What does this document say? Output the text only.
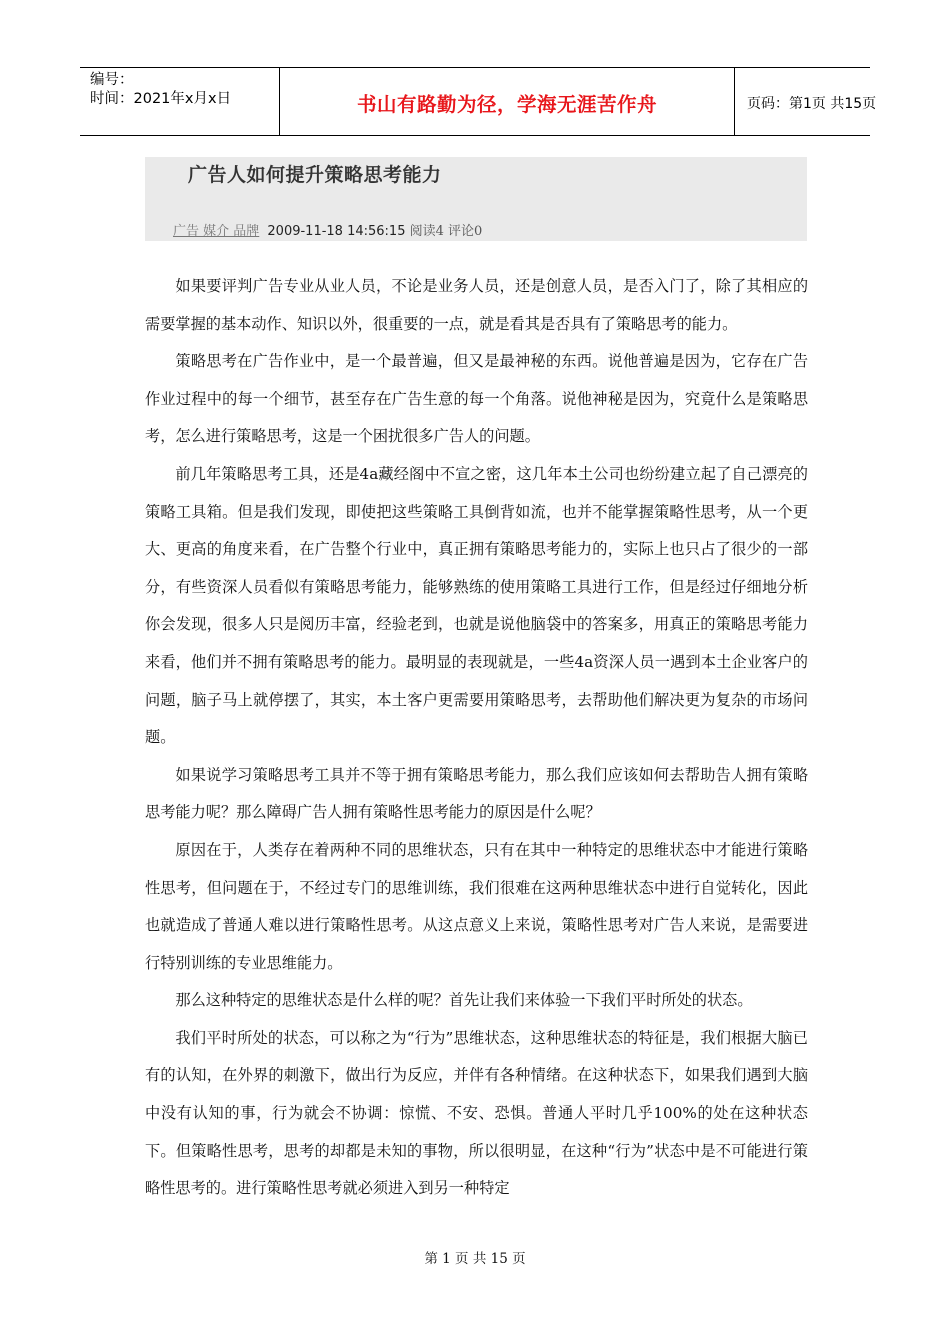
编号：
时间：2021年x月x日	书山有路勤为径，学海无涯苦作舟	页码：第1页 共15页
广告人如何提升策略思考能力
广告 媒介 品牌 2009-11-18 14:56:15 阅读4 评论0

如果要评判广告专业从业人员，不论是业务人员，还是创意人员，是否入门了，除了其相应的需要掌握的基本动作、知识以外，很重要的一点，就是看其是否具有了策略思考的能力。

策略思考在广告作业中，是一个最普遍，但又是最神秘的东西。说他普遍是因为，它存在广告作业过程中的每一个细节，甚至存在广告生意的每一个角落。说他神秘是因为，究竟什么是策略思考，怎么进行策略思考，这是一个困扰很多广告人的问题。

前几年策略思考工具，还是4a藏经阁中不宣之密，这几年本土公司也纷纷建立起了自己漂亮的策略工具箱。但是我们发现，即使把这些策略工具倒背如流，也并不能掌握策略性思考，从一个更大、更高的角度来看，在广告整个行业中，真正拥有策略思考能力的，实际上也只占了很少的一部分，有些资深人员看似有策略思考能力，能够熟练的使用策略工具进行工作，但是经过仔细地分析你会发现，很多人只是阅历丰富，经验老到，也就是说他脑袋中的答案多，用真正的策略思考能力来看，他们并不拥有策略思考的能力。最明显的表现就是，一些4a资深人员一遇到本土企业客户的问题，脑子马上就停摆了，其实，本土客户更需要用策略思考，去帮助他们解决更为复杂的市场问题。

如果说学习策略思考工具并不等于拥有策略思考能力，那么我们应该如何去帮助告人拥有策略思考能力呢？那么障碍广告人拥有策略性思考能力的原因是什么呢？

原因在于，人类存在着两种不同的思维状态，只有在其中一种特定的思维状态中才能进行策略性思考，但问题在于，不经过专门的思维训练，我们很难在这两种思维状态中进行自觉转化，因此也就造成了普通人难以进行策略性思考。从这点意义上来说，策略性思考对广告人来说，是需要进行特别训练的专业思维能力。

那么这种特定的思维状态是什么样的呢？首先让我们来体验一下我们平时所处的状态。

我们平时所处的状态，可以称之为“行为”思维状态，这种思维状态的特征是，我们根据大脑已有的认知，在外界的刺激下，做出行为反应，并伴有各种情绪。在这种状态下，如果我们遇到大脑中没有认知的事，行为就会不协调：惊慌、不安、恐惧。普通人平时几乎100%的处在这种状态下。但策略性思考，思考的却都是未知的事物，所以很明显，在这种“行为”状态中是不可能进行策略性思考的。进行策略性思考就必须进入到另一种特定

第 1 页 共 15 页
